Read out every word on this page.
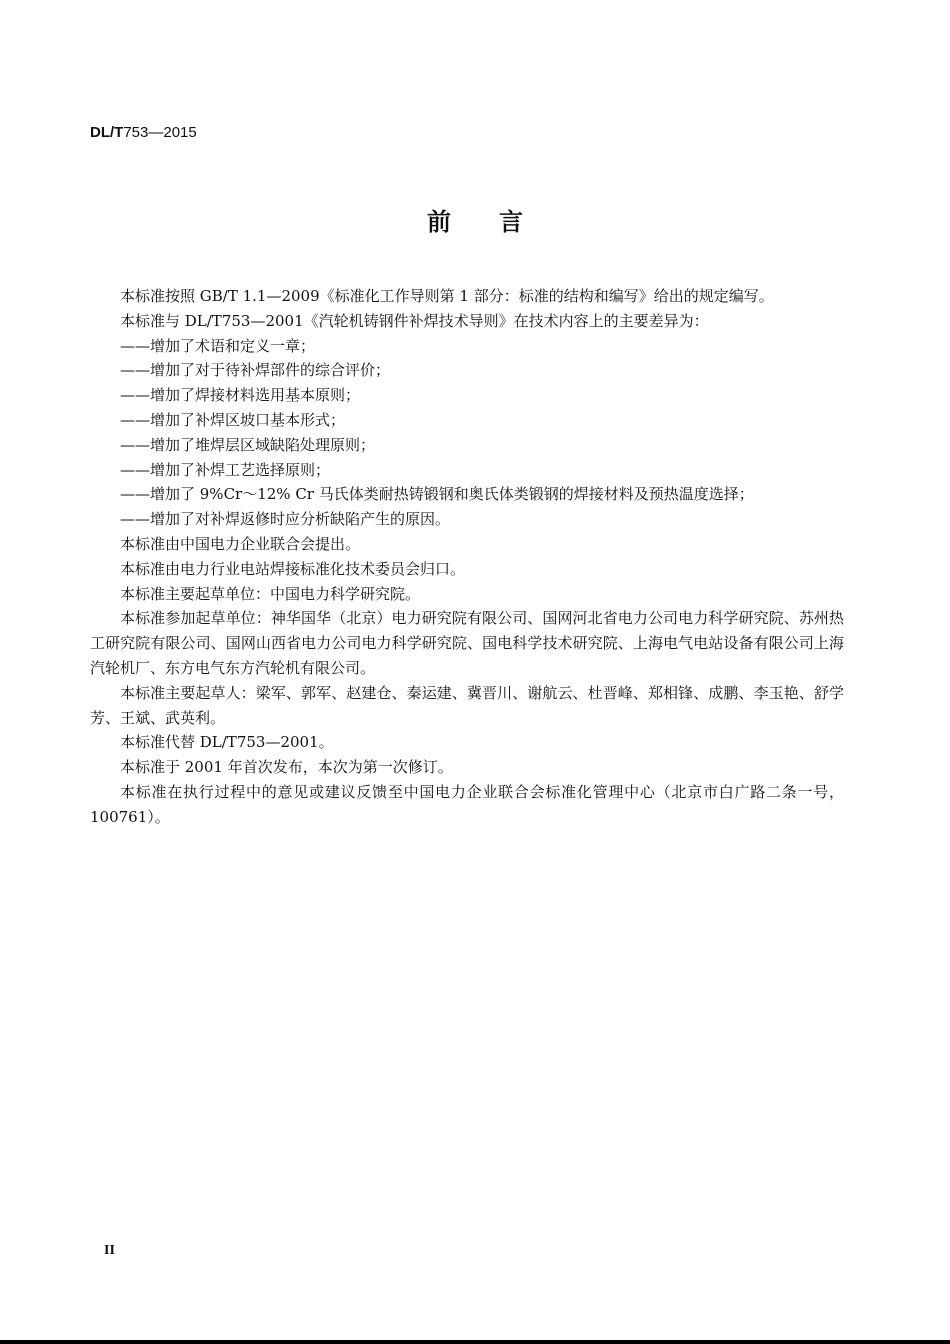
DL/T753—2015
前 言

本标准按照 GB/T 1.1—2009《标准化工作导则第 1 部分：标准的结构和编写》给出的规定编写。

本标准与 DL/T753—2001《汽轮机铸钢件补焊技术导则》在技术内容上的主要差异为：

——增加了术语和定义一章；

——增加了对于待补焊部件的综合评价；

——增加了焊接材料选用基本原则；

——增加了补焊区坡口基本形式；

——增加了堆焊层区域缺陷处理原则；

——增加了补焊工艺选择原则；

——增加了 9%Cr～12% Cr 马氏体类耐热铸锻钢和奥氏体类锻钢的焊接材料及预热温度选择；

——增加了对补焊返修时应分析缺陷产生的原因。

本标准由中国电力企业联合会提出。

本标准由电力行业电站焊接标准化技术委员会归口。

本标准主要起草单位：中国电力科学研究院。

本标准参加起草单位：神华国华（北京）电力研究院有限公司、国网河北省电力公司电力科学研究院、苏州热工研究院有限公司、国网山西省电力公司电力科学研究院、国电科学技术研究院、上海电气电站设备有限公司上海汽轮机厂、东方电气东方汽轮机有限公司。

本标准主要起草人：梁军、郭军、赵建仓、秦运建、冀晋川、谢航云、杜晋峰、郑相锋、成鹏、李玉艳、舒学芳、王斌、武英利。

本标准代替 DL/T753—2001。

本标准于 2001 年首次发布，本次为第一次修订。

本标准在执行过程中的意见或建议反馈至中国电力企业联合会标准化管理中心（北京市白广路二条一号，100761）。

II
